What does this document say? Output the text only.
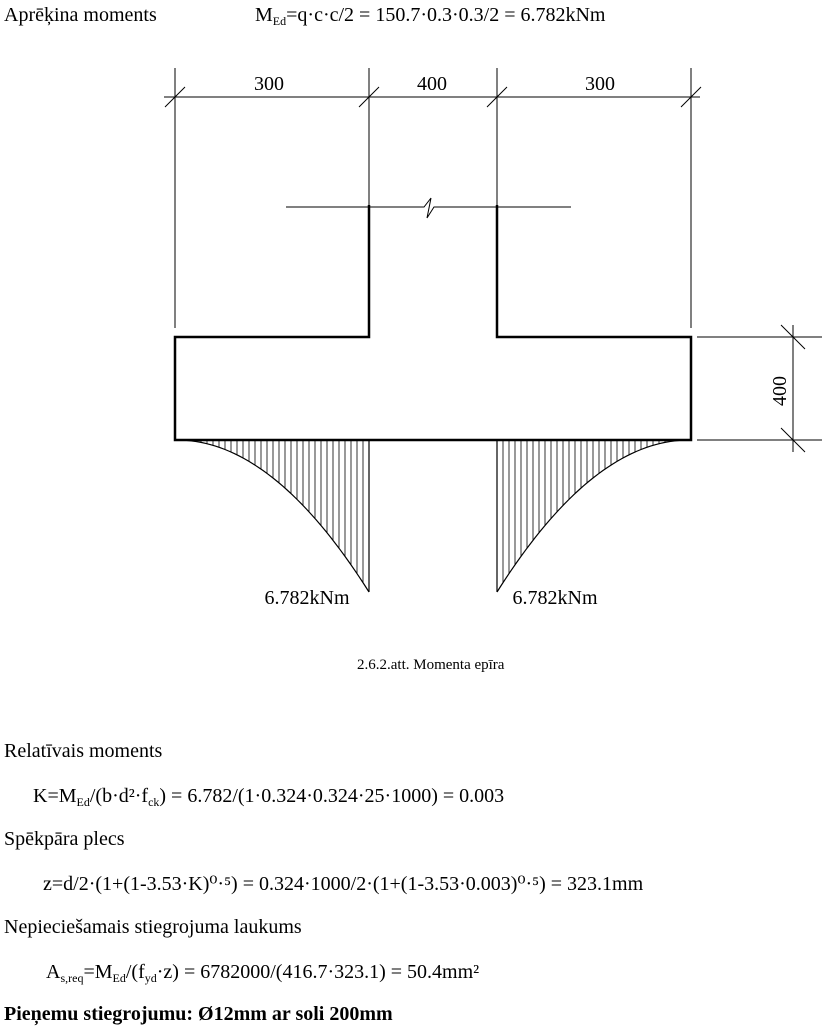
Aprēķina moments	$M_{Ed}=q\cdot c\cdot c/2 = 150.7\cdot 0.3\cdot 0.3/2 = 6.782kNm$
300	400	300
400
6.782kNm	6.782kNm
2.6.2.att. Momenta epīra
Relatīvais moments
$K=M_{Ed}/(b\cdot d^2\cdot f_{ck}) = 6.782/(1\cdot 0.324\cdot 0.324\cdot 25\cdot 1000) = 0.003$
Spēkpāra plecs
z=d/2·(1+(1-3.53·K)⁰·⁵) = 0.324·1000/2·(1+(1-3.53·0.003)⁰·⁵) = 323.1mm
Nepieciešamais stiegrojuma laukums
$A_{s,req}=M_{Ed}/(f_{yd}\cdot z) = 6782000/(416.7\cdot 323.1) = 50.4mm^2$
Pieņemu stiegrojumu: Ø12mm ar soli 200mm
